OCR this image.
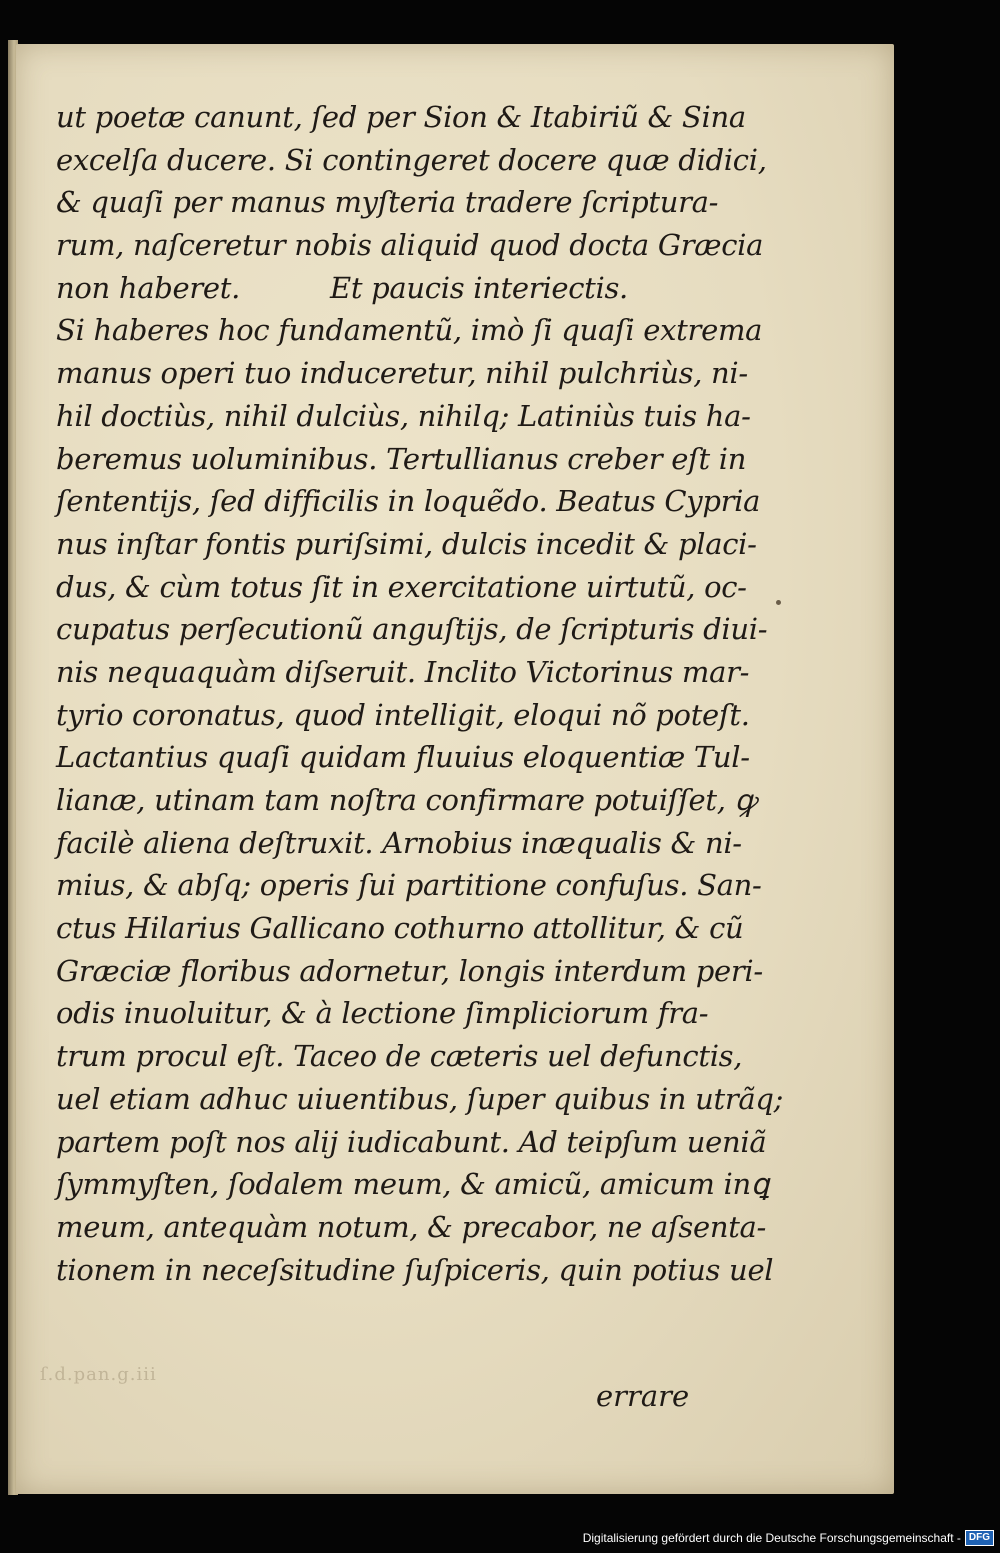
ſ.d.pan.g.iii
ut poetæ canunt, ſed per Sion & Itabiriũ & Sina
excelſa ducere. Si contingeret docere quæ didici,
& quaſi per manus myſteria tradere ſcriptura-
rum, naſceretur nobis aliquid quod docta Græcia
non haberet.	Et paucis interiectis.
Si haberes hoc fundamentũ, imò ſi quaſi extrema
manus operi tuo induceretur, nihil pulchriùs, ni-
hil doctiùs, nihil dulciùs, nihilq; Latiniùs tuis ha-
beremus uoluminibus. Tertullianus creber eſt in
ſententijs, ſed difficilis in loquẽdo. Beatus Cypria
nus inſtar fontis puriſsimi, dulcis incedit & placi-
dus, & cùm totus ſit in exercitatione uirtutũ, oc-
cupatus perſecutionũ anguſtijs, de ſcripturis diui-
nis nequaquàm diſseruit. Inclito Victorinus mar-
tyrio coronatus, quod intelligit, eloqui nõ poteſt.
Lactantius quaſi quidam fluuius eloquentiæ Tul-
lianæ, utinam tam noſtra confirmare potuiſſet, ꝙ
facilè aliena deſtruxit. Arnobius inæqualis & ni-
mius, & abſq; operis ſui partitione confuſus. San-
ctus Hilarius Gallicano cothurno attollitur, & cũ
Græciæ floribus adornetur, longis interdum peri-
odis inuoluitur, & à lectione ſimpliciorum fra-
trum procul eſt. Taceo de cæteris uel defunctis,
uel etiam adhuc uiuentibus, ſuper quibus in utrãq;
partem poſt nos alij iudicabunt. Ad teipſum ueniã
ſymmyſten, ſodalem meum, & amicũ, amicum inꝗ
meum, antequàm notum, & precabor, ne aſsenta-
tionem in neceſsitudine ſuſpiceris, quin potius uel
errare
Digitalisierung gefördert durch die Deutsche Forschungsgemeinschaft - DFG
